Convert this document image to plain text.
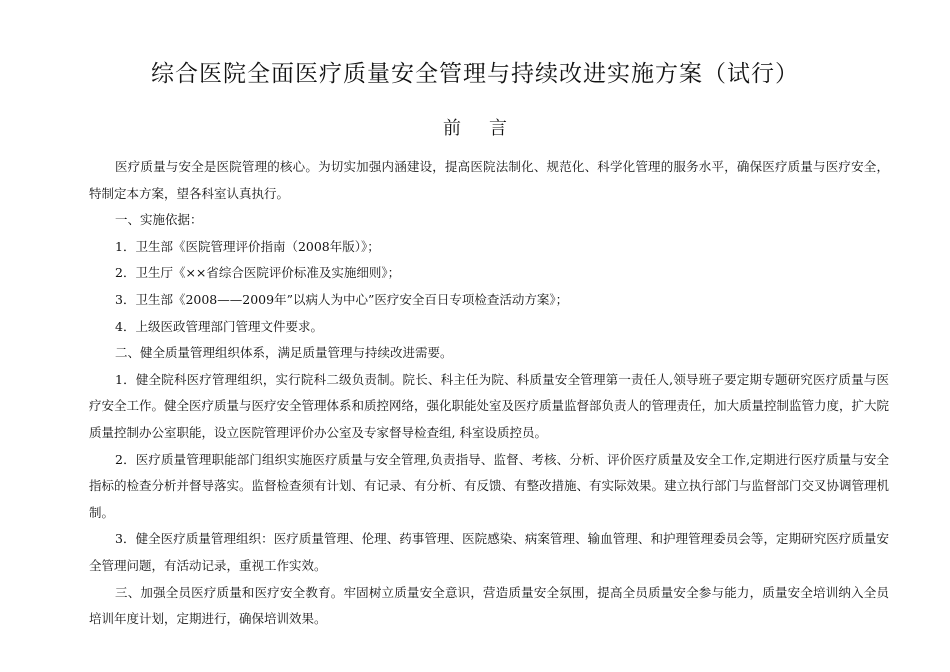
综合医院全面医疗质量安全管理与持续改进实施方案（试行）
前言

医疗质量与安全是医院管理的核心。为切实加强内涵建设，提高医院法制化、规范化、科学化管理的服务水平，确保医疗质量与医疗安全，特制定本方案，望各科室认真执行。

一、实施依据：

1．卫生部《医院管理评价指南（2008年版）》；

2．卫生厅《××省综合医院评价标准及实施细则》；

3．卫生部《2008——2009年”以病人为中心”医疗安全百日专项检查活动方案》；

4．上级医政管理部门管理文件要求。

二、健全质量管理组织体系，满足质量管理与持续改进需要。

1．健全院科医疗管理组织，实行院科二级负责制。院长、科主任为院、科质量安全管理第一责任人,领导班子要定期专题研究医疗质量与医疗安全工作。健全医疗质量与医疗安全管理体系和质控网络，强化职能处室及医疗质量监督部负责人的管理责任，加大质量控制监管力度，扩大院质量控制办公室职能，设立医院管理评价办公室及专家督导检查组, 科室设质控员。

2．医疗质量管理职能部门组织实施医疗质量与安全管理,负责指导、监督、考核、分析、评价医疗质量及安全工作,定期进行医疗质量与安全指标的检查分析并督导落实。监督检查须有计划、有记录、有分析、有反馈、有整改措施、有实际效果。建立执行部门与监督部门交叉协调管理机制。

3．健全医疗质量管理组织：医疗质量管理、伦理、药事管理、医院感染、病案管理、输血管理、和护理管理委员会等，定期研究医疗质量安全管理问题，有活动记录，重视工作实效。

三、加强全员医疗质量和医疗安全教育。牢固树立质量安全意识，营造质量安全氛围，提高全员质量安全参与能力，质量安全培训纳入全员培训年度计划，定期进行，确保培训效果。
